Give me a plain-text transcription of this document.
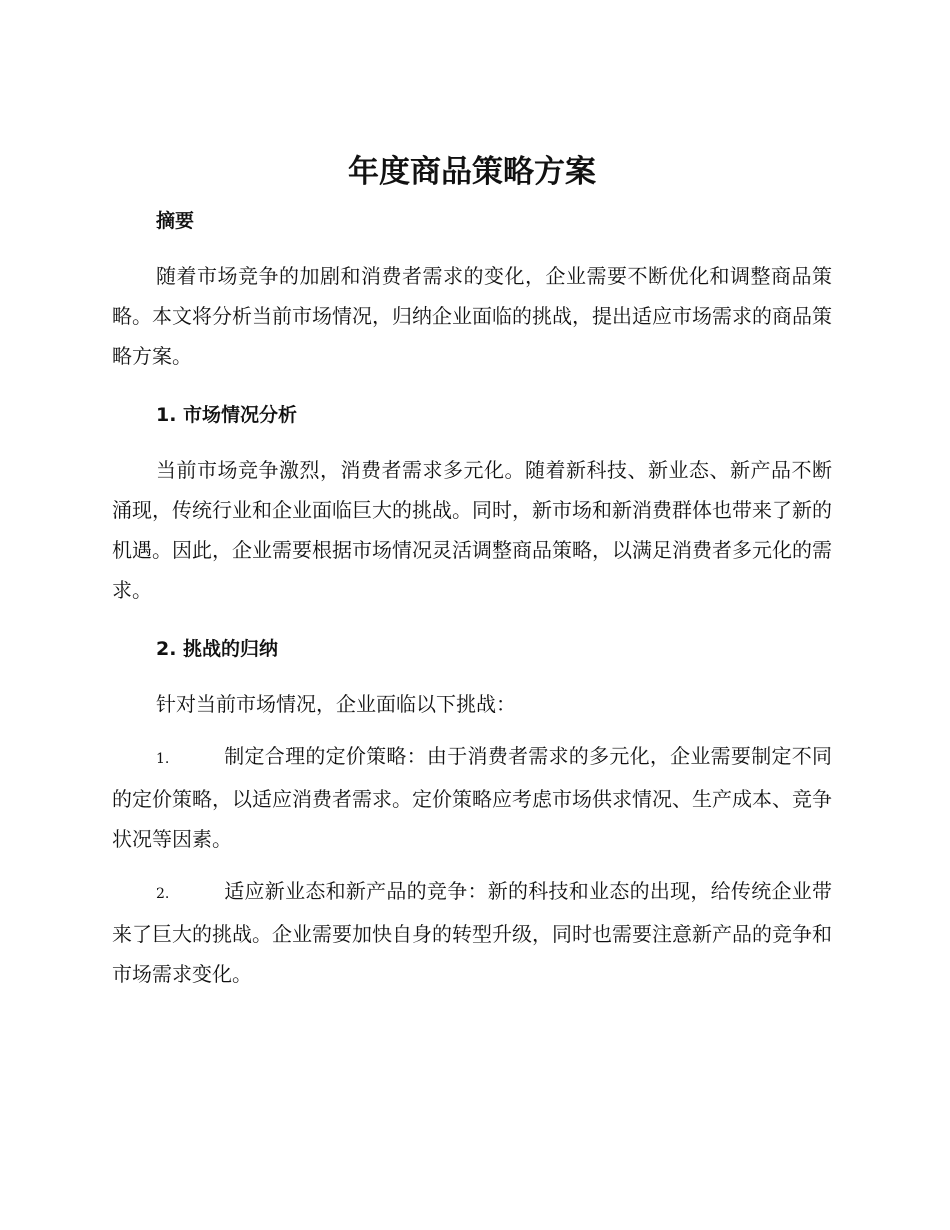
年度商品策略方案
摘要

随着市场竞争的加剧和消费者需求的变化，企业需要不断优化和调整商品策略。本文将分析当前市场情况，归纳企业面临的挑战，提出适应市场需求的商品策略方案。

1. 市场情况分析

当前市场竞争激烈，消费者需求多元化。随着新科技、新业态、新产品不断涌现，传统行业和企业面临巨大的挑战。同时，新市场和新消费群体也带来了新的机遇。因此，企业需要根据市场情况灵活调整商品策略，以满足消费者多元化的需求。

2. 挑战的归纳

针对当前市场情况，企业面临以下挑战：

1.	制定合理的定价策略：由于消费者需求的多元化，企业需要制定不同的定价策略，以适应消费者需求。定价策略应考虑市场供求情况、生产成本、竞争状况等因素。

2.	适应新业态和新产品的竞争：新的科技和业态的出现，给传统企业带来了巨大的挑战。企业需要加快自身的转型升级，同时也需要注意新产品的竞争和市场需求变化。
